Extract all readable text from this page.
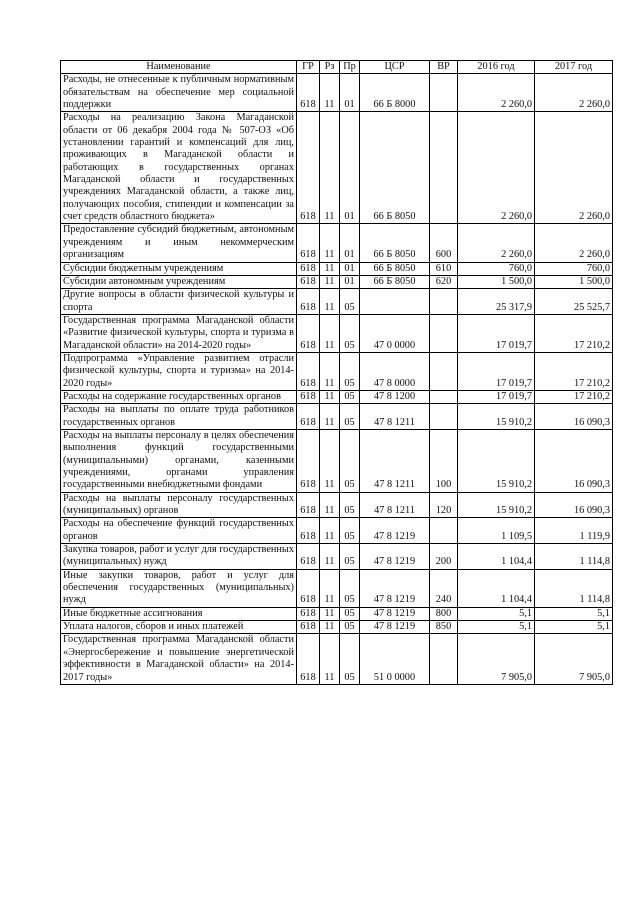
Наименование	ГР	Рз	Пр	ЦСР	ВР	2016 год	2017 год
Расходы, не отнесенные к публичным нормативным обязательствам на обеспечение мер социальной поддержки	618	11	01	66 Б 8000		2 260,0	2 260,0
Расходы на реализацию Закона Магаданской области от 06 декабря 2004 года № 507-ОЗ «Об установлении гарантий и компенсаций для лиц, проживающих в Магаданской области и работающих в государственных органах Магаданской области и государственных учреждениях Магаданской области, а также лиц, получающих пособия, стипендии и компенсации за счет средств областного бюджета»	618	11	01	66 Б 8050		2 260,0	2 260,0
Предоставление субсидий бюджетным, автономным учреждениям и иным некоммерческим организациям	618	11	01	66 Б 8050	600	2 260,0	2 260,0
Субсидии бюджетным учреждениям	618	11	01	66 Б 8050	610	760,0	760,0
Субсидии автономным учреждениям	618	11	01	66 Б 8050	620	1 500,0	1 500,0
Другие вопросы в области физической культуры и спорта	618	11	05			25 317,9	25 525,7
Государственная программа Магаданской области «Развитие физической культуры, спорта и туризма в Магаданской области» на 2014-2020 годы»	618	11	05	47 0 0000		17 019,7	17 210,2
Подпрограмма «Управление развитием отрасли физической культуры, спорта и туризма» на 2014-2020 годы»	618	11	05	47 8 0000		17 019,7	17 210,2
Расходы на содержание государственных органов	618	11	05	47 8 1200		17 019,7	17 210,2
Расходы на выплаты по оплате труда работников государственных органов	618	11	05	47 8 1211		15 910,2	16 090,3
Расходы на выплаты персоналу в целях обеспечения выполнения функций государственными (муниципальными) органами, казенными учреждениями, органами управления государственными внебюджетными фондами	618	11	05	47 8 1211	100	15 910,2	16 090,3
Расходы на выплаты персоналу государственных (муниципальных) органов	618	11	05	47 8 1211	120	15 910,2	16 090,3
Расходы на обеспечение функций государственных органов	618	11	05	47 8 1219		1 109,5	1 119,9
Закупка товаров, работ и услуг для государственных (муниципальных) нужд	618	11	05	47 8 1219	200	1 104,4	1 114,8
Иные закупки товаров, работ и услуг для обеспечения государственных (муниципальных) нужд	618	11	05	47 8 1219	240	1 104,4	1 114,8
Иные бюджетные ассигнования	618	11	05	47 8 1219	800	5,1	5,1
Уплата налогов, сборов и иных платежей	618	11	05	47 8 1219	850	5,1	5,1
Государственная программа Магаданской области «Энергосбережение и повышение энергетической эффективности в Магаданской области» на 2014-2017 годы»	618	11	05	51 0 0000		7 905,0	7 905,0
